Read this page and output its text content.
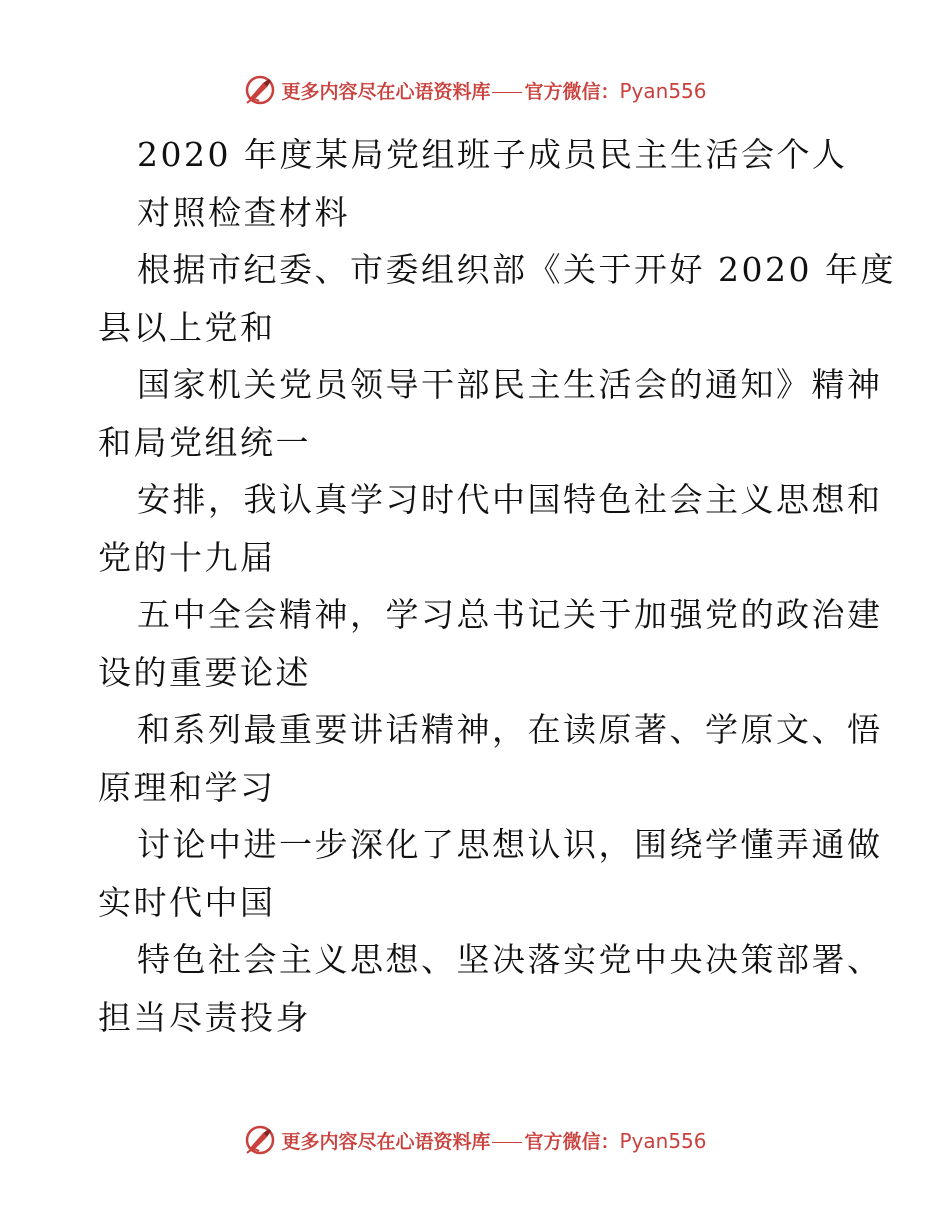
更多内容尽在心语资料库 官方微信：Pyan556
2020 年度某局党组班子成员民主生活会个人
对照检查材料
根据市纪委、市委组织部《关于开好 2020 年度
县以上党和
国家机关党员领导干部民主生活会的通知》精神
和局党组统一
安排，我认真学习时代中国特色社会主义思想和
党的十九届
五中全会精神，学习总书记关于加强党的政治建
设的重要论述
和系列最重要讲话精神，在读原著、学原文、悟
原理和学习
讨论中进一步深化了思想认识，围绕学懂弄通做
实时代中国
特色社会主义思想、坚决落实党中央决策部署、
担当尽责投身
更多内容尽在心语资料库 官方微信：Pyan556
